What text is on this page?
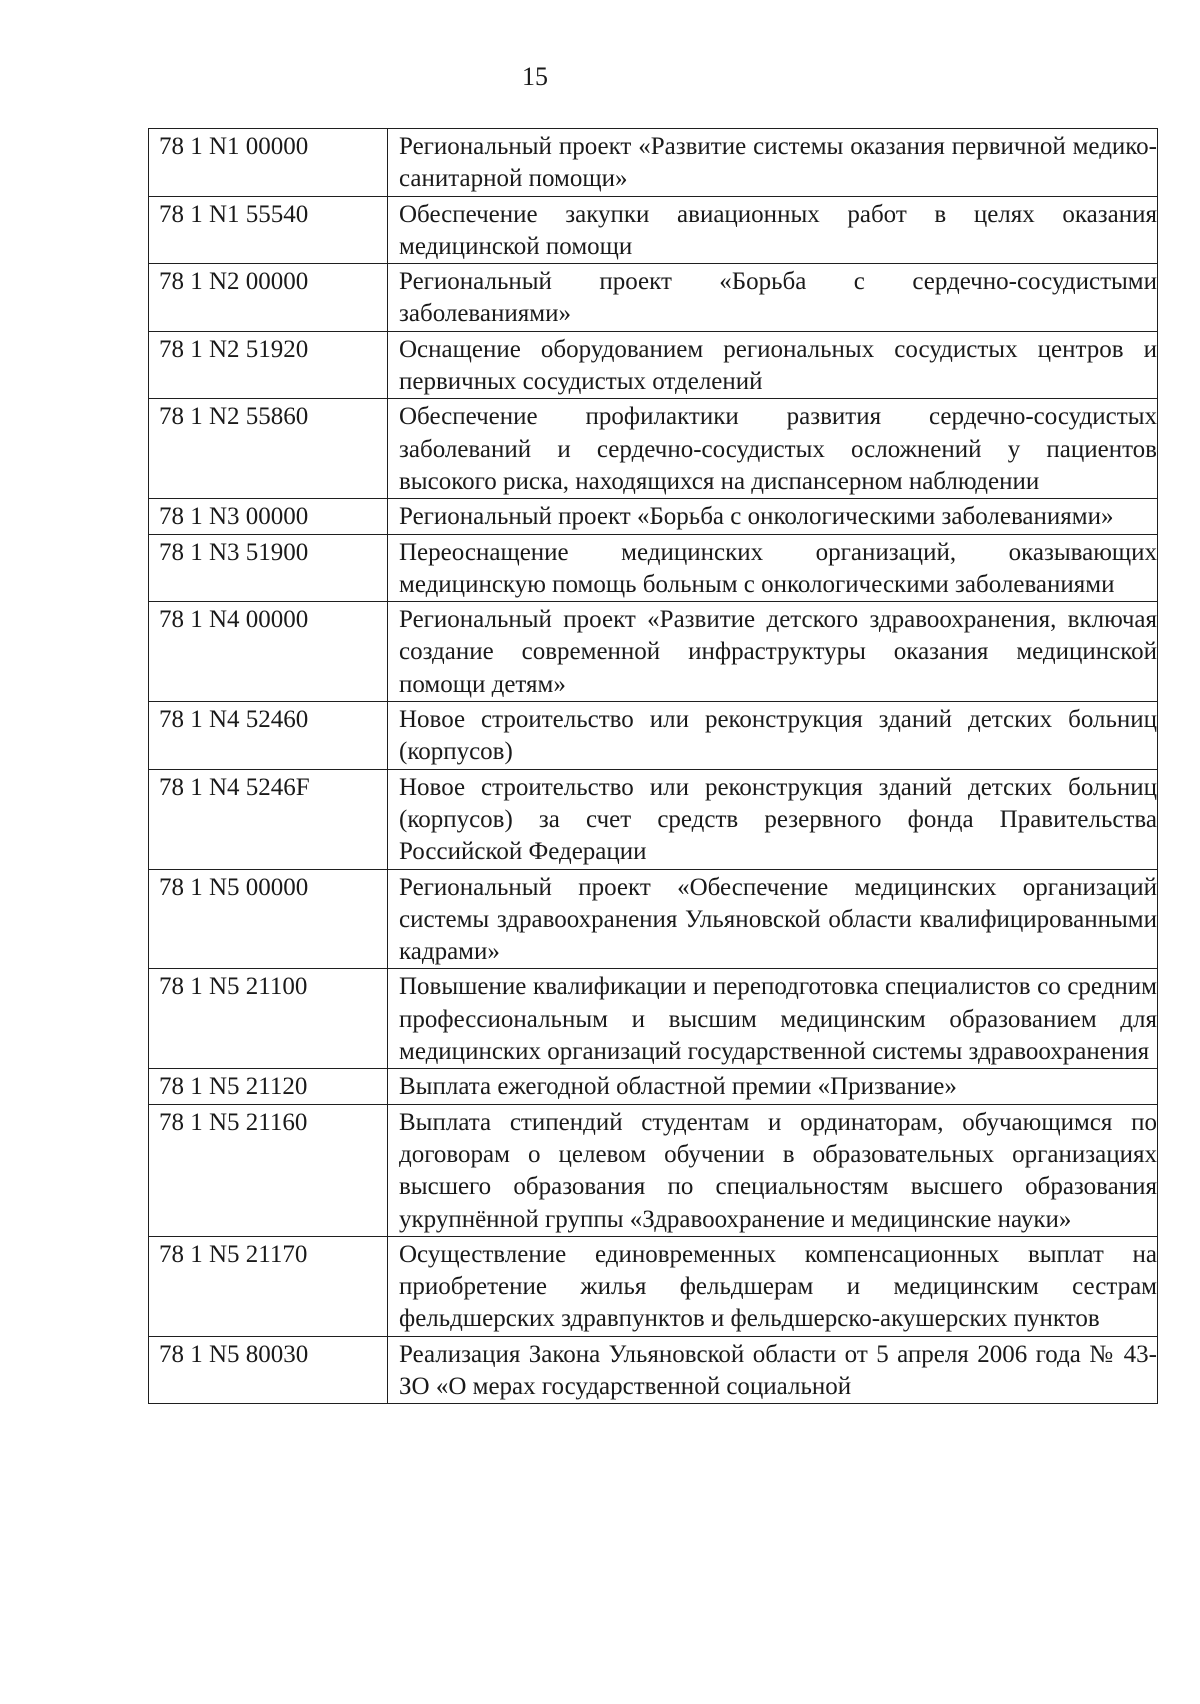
15
78 1 N1 00000	Региональный проект «Развитие системы оказания первичной медико-санитарной помощи»

78 1 N1 55540	Обеспечение закупки авиационных работ в целях оказания медицинской помощи

78 1 N2 00000	Региональный проект «Борьба с сердечно-сосудистыми заболеваниями»

78 1 N2 51920	Оснащение оборудованием региональных сосудистых центров и первичных сосудистых отделений

78 1 N2 55860	Обеспечение профилактики развития сердечно-сосудистых заболеваний и сердечно-сосудистых осложнений у пациентов высокого риска, находящихся на диспансерном наблюдении

78 1 N3 00000	Региональный проект «Борьба с онкологическими заболеваниями»

78 1 N3 51900	Переоснащение медицинских организаций, оказывающих медицинскую помощь больным с онкологическими заболеваниями

78 1 N4 00000	Региональный проект «Развитие детского здравоохранения, включая создание современной инфраструктуры оказания медицинской помощи детям»

78 1 N4 52460	Новое строительство или реконструкция зданий детских больниц (корпусов)

78 1 N4 5246F	Новое строительство или реконструкция зданий детских больниц (корпусов) за счет средств резервного фонда Правительства Российской Федерации

78 1 N5 00000	Региональный проект «Обеспечение медицинских организаций системы здравоохранения Ульяновской области квалифицированными кадрами»

78 1 N5 21100	Повышение квалификации и переподготовка специалистов со средним профессиональным и высшим медицинским образованием для медицинских организаций государственной системы здравоохранения

78 1 N5 21120	Выплата ежегодной областной премии «Призвание»

78 1 N5 21160	Выплата стипендий студентам и ординаторам, обучающимся по договорам о целевом обучении в образовательных организациях высшего образования по специальностям высшего образования укрупнённой группы «Здравоохранение и медицинские науки»

78 1 N5 21170	Осуществление единовременных компенсационных выплат на приобретение жилья фельдшерам и медицинским сестрам фельдшерских здравпунктов и фельдшерско-акушерских пунктов

78 1 N5 80030	Реализация Закона Ульяновской области от 5 апреля 2006 года № 43-ЗО «О мерах государственной социальной
